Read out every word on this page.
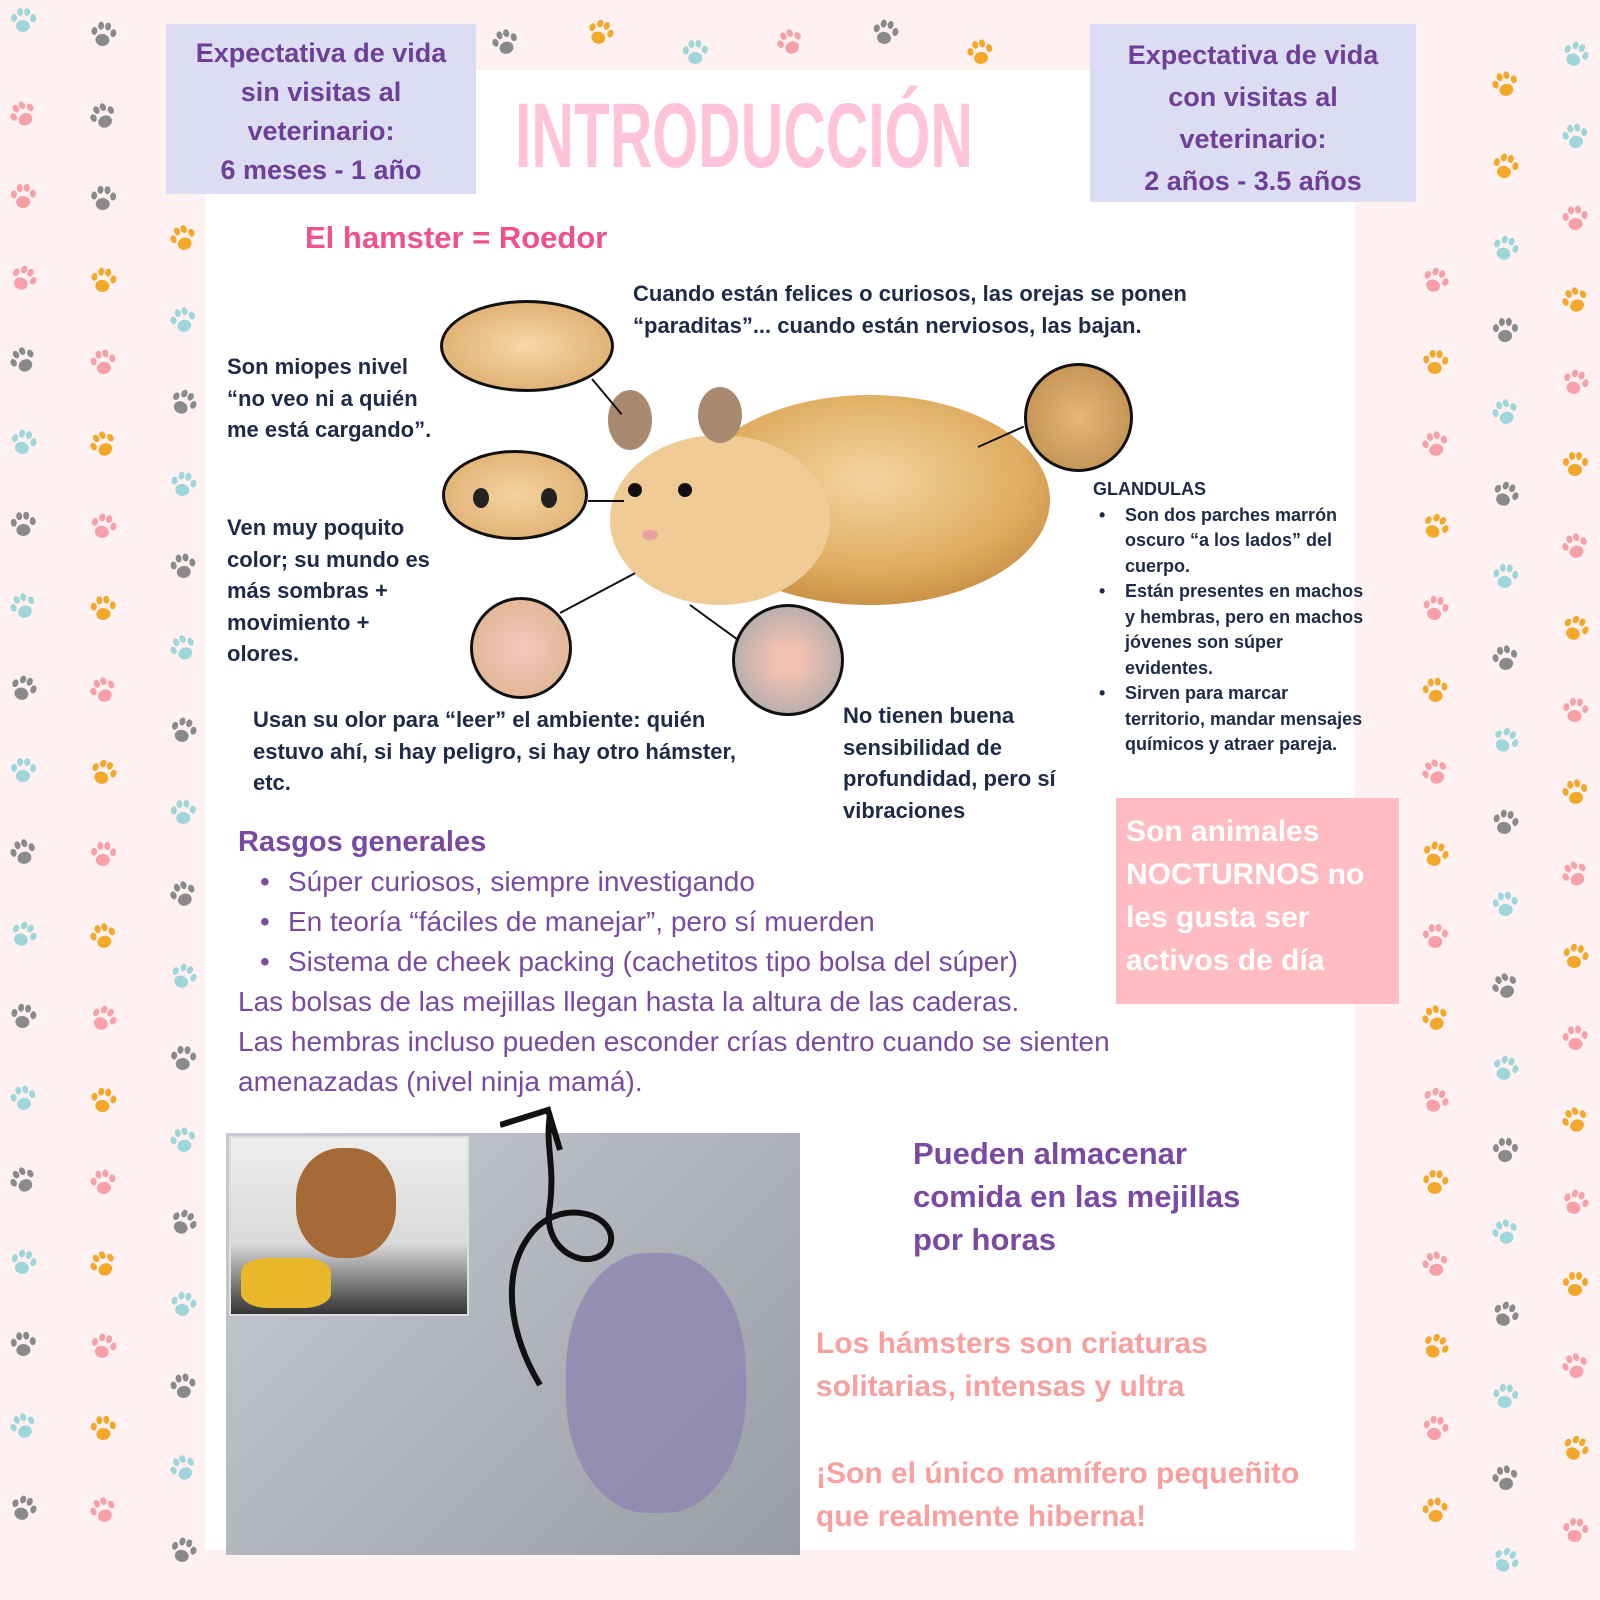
Expectativa de vida
sin visitas al
veterinario:
6 meses - 1 año
Expectativa de vida
con visitas al
veterinario:
2 años - 3.5 años
INTRODUCCIÓN
El hamster = Roedor
Cuando están felices o curiosos, las orejas se ponen “paraditas”... cuando están nerviosos, las bajan.
Son miopes nivel “no veo ni a quién me está cargando”.
Ven muy poquito color; su mundo es más sombras + movimiento + olores.
Usan su olor para “leer” el ambiente: quién estuvo ahí, si hay peligro, si hay otro hámster, etc.
No tienen buena sensibilidad de profundidad, pero sí vibraciones
GLANDULAS
• Son dos parches marrón oscuro “a los lados” del cuerpo.
• Están presentes en machos y hembras, pero en machos jóvenes son súper evidentes.
• Sirven para marcar territorio, mandar mensajes químicos y atraer pareja.
Son animales NOCTURNOS no les gusta ser activos de día
Rasgos generales
• Súper curiosos, siempre investigando
• En teoría “fáciles de manejar”, pero sí muerden
• Sistema de cheek packing (cachetitos tipo bolsa del súper)
Las bolsas de las mejillas llegan hasta la altura de las caderas.
Las hembras incluso pueden esconder crías dentro cuando se sienten amenazadas (nivel ninja mamá).
Pueden almacenar comida en las mejillas por horas
Los hámsters son criaturas solitarias, intensas y ultra
¡Son el único mamífero pequeñito que realmente hiberna!
